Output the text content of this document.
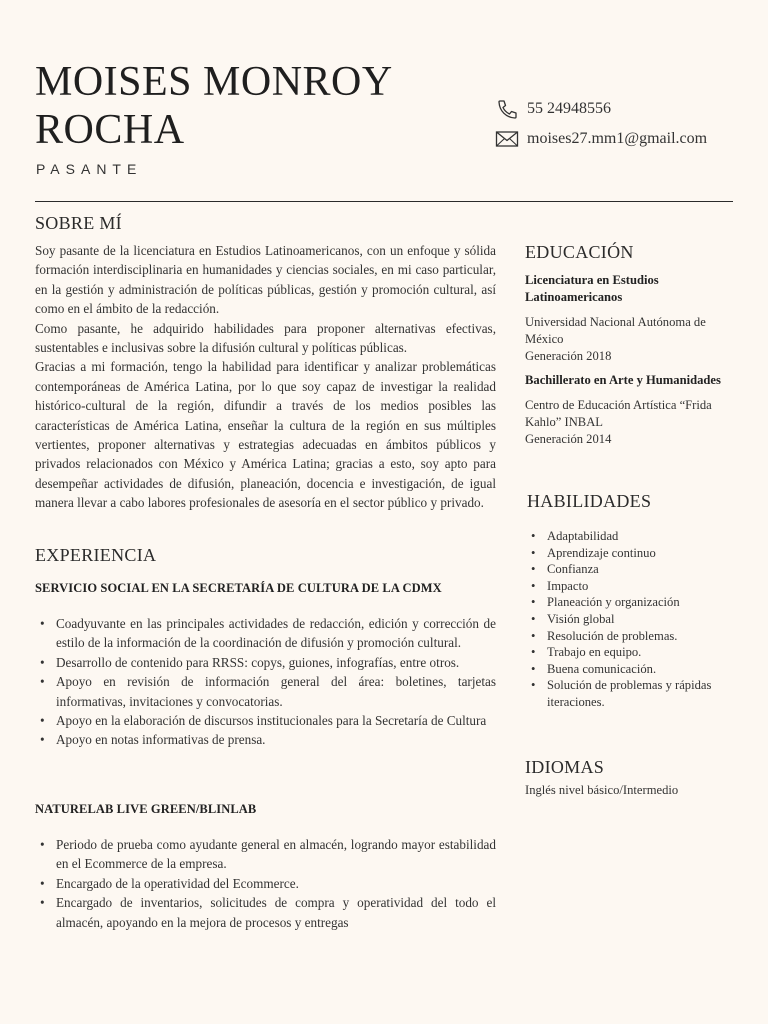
MOISES MONROY ROCHA
PASANTE
55 24948556
moises27.mm1@gmail.com
SOBRE MÍ

Soy pasante de la licenciatura en Estudios Latinoamericanos, con un enfoque y sólida formación interdisciplinaria en humanidades y ciencias sociales, en mi caso particular, en la gestión y administración de políticas públicas, gestión y promoción cultural, así como en el ámbito de la redacción.

Como pasante, he adquirido habilidades para proponer alternativas efectivas, sustentables e inclusivas sobre la difusión cultural y políticas públicas.

Gracias a mi formación, tengo la habilidad para identificar y analizar problemáticas contemporáneas de América Latina, por lo que soy capaz de investigar la realidad histórico-cultural de la región, difundir a través de los medios posibles las características de América Latina, enseñar la cultura de la región en sus múltiples vertientes, proponer alternativas y estrategias adecuadas en ámbitos públicos y privados relacionados con México y América Latina; gracias a esto, soy apto para desempeñar actividades de difusión, planeación, docencia e investigación, de igual manera llevar a cabo labores profesionales de asesoría en el sector público y privado.

EXPERIENCIA
SERVICIO SOCIAL EN LA SECRETARÍA DE CULTURA DE LA CDMX
• Coadyuvante en las principales actividades de redacción, edición y corrección de estilo de la información de la coordinación de difusión y promoción cultural.
• Desarrollo de contenido para RRSS: copys, guiones, infografías, entre otros.
• Apoyo en revisión de información general del área: boletines, tarjetas informativas, invitaciones y convocatorias.
• Apoyo en la elaboración de discursos institucionales para la Secretaría de Cultura
• Apoyo en notas informativas de prensa.
NATURELAB LIVE GREEN/BLINLAB
• Periodo de prueba como ayudante general en almacén, logrando mayor estabilidad en el Ecommerce de la empresa.
• Encargado de la operatividad del Ecommerce.
• Encargado de inventarios, solicitudes de compra y operatividad del todo el almacén, apoyando en la mejora de procesos y entregas
EDUCACIÓN
Licenciatura en Estudios Latinoamericanos
Universidad Nacional Autónoma de México
Generación 2018
Bachillerato en Arte y Humanidades
Centro de Educación Artística “Frida Kahlo” INBAL
Generación 2014
HABILIDADES
• Adaptabilidad
• Aprendizaje continuo
• Confianza
• Impacto
• Planeación y organización
• Visión global
• Resolución de problemas.
• Trabajo en equipo.
• Buena comunicación.
• Solución de problemas y rápidas iteraciones.
IDIOMAS
Inglés nivel básico/Intermedio
